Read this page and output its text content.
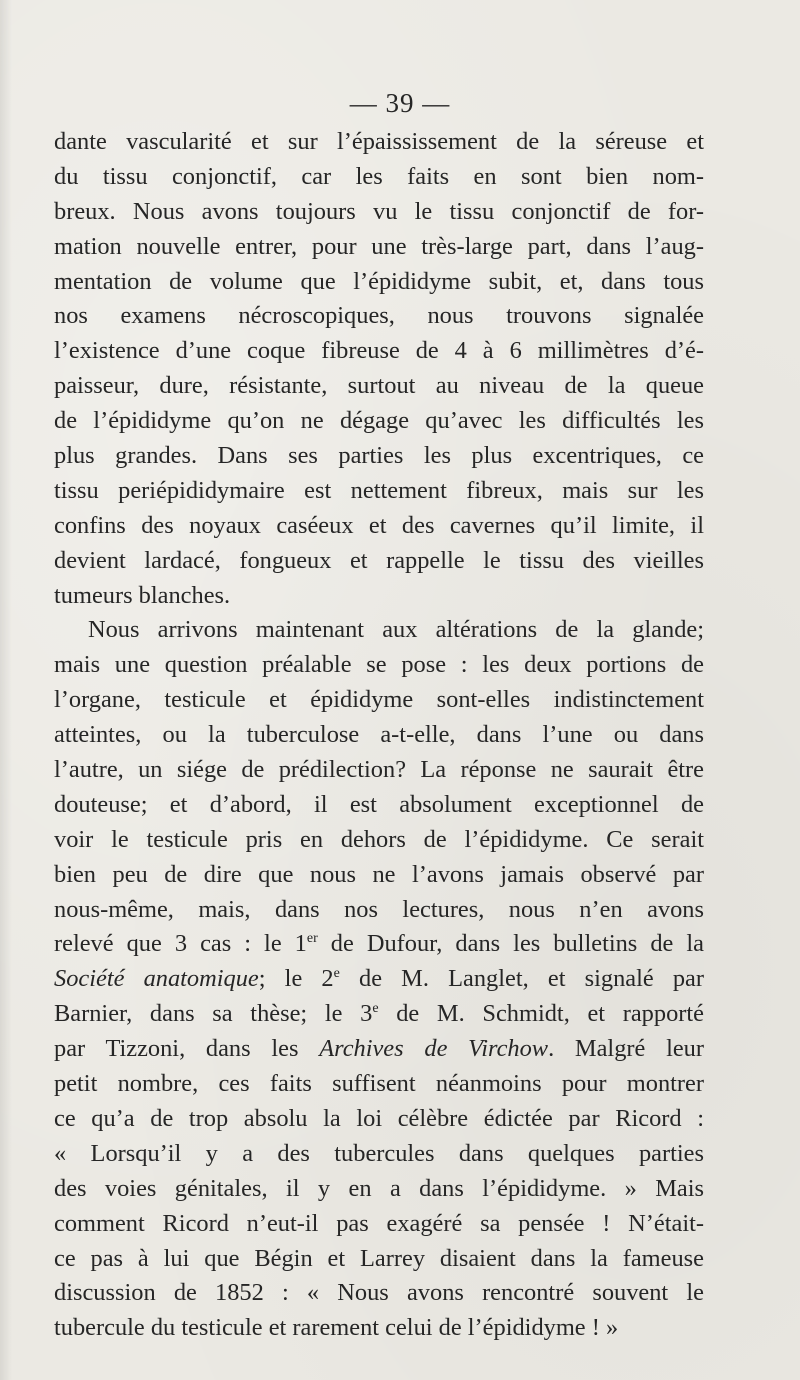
— 39 —
dante vascularité et sur l’épaississement de la séreuse et
du tissu conjonctif, car les faits en sont bien nom-
breux. Nous avons toujours vu le tissu conjonctif de for-
mation nouvelle entrer, pour une très-large part, dans l’aug-
mentation de volume que l’épididyme subit, et, dans tous
nos examens nécroscopiques, nous trouvons signalée
l’existence d’une coque fibreuse de 4 à 6 millimètres d’é-
paisseur, dure, résistante, surtout au niveau de la queue
de l’épididyme qu’on ne dégage qu’avec les difficultés les
plus grandes. Dans ses parties les plus excentriques, ce
tissu periépididymaire est nettement fibreux, mais sur les
confins des noyaux caséeux et des cavernes qu’il limite, il
devient lardacé, fongueux et rappelle le tissu des vieilles
tumeurs blanches.
Nous arrivons maintenant aux altérations de la glande;
mais une question préalable se pose : les deux portions de
l’organe, testicule et épididyme sont-elles indistinctement
atteintes, ou la tuberculose a-t-elle, dans l’une ou dans
l’autre, un siége de prédilection? La réponse ne saurait être
douteuse; et d’abord, il est absolument exceptionnel de
voir le testicule pris en dehors de l’épididyme. Ce serait
bien peu de dire que nous ne l’avons jamais observé par
nous-même, mais, dans nos lectures, nous n’en avons
relevé que 3 cas : le 1er de Dufour, dans les bulletins de la
Société anatomique; le 2e de M. Langlet, et signalé par
Barnier, dans sa thèse; le 3e de M. Schmidt, et rapporté
par Tizzoni, dans les Archives de Virchow. Malgré leur
petit nombre, ces faits suffisent néanmoins pour montrer
ce qu’a de trop absolu la loi célèbre édictée par Ricord :
« Lorsqu’il y a des tubercules dans quelques parties
des voies génitales, il y en a dans l’épididyme. » Mais
comment Ricord n’eut-il pas exagéré sa pensée ! N’était-
ce pas à lui que Bégin et Larrey disaient dans la fameuse
discussion de 1852 : « Nous avons rencontré souvent le
tubercule du testicule et rarement celui de l’épididyme ! »
